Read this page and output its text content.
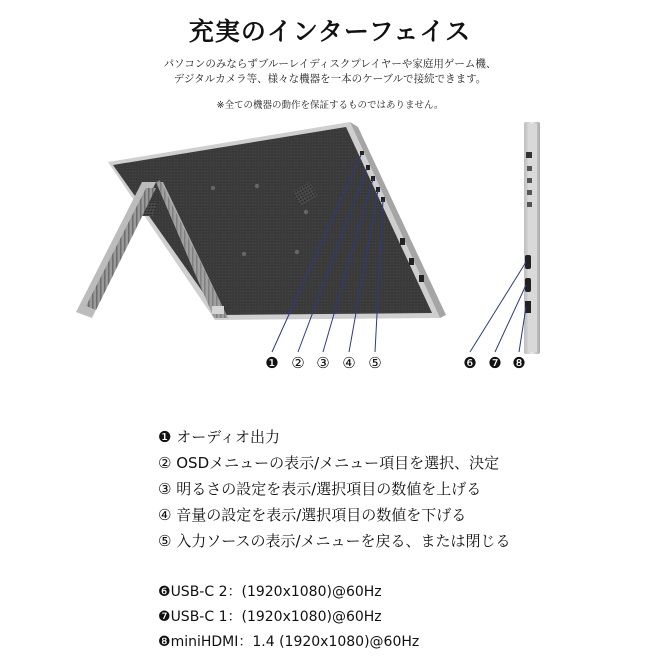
充実のインターフェイス
パソコンのみならずブルーレイディスクプレイヤーや家庭用ゲーム機、
デジタルカメラ等、様々な機器を一本のケーブルで接続できます。
※全ての機器の動作を保証するものではありません。
❶ ② ③ ④ ⑤	❻ ❼ ❽
❶ オーディオ出力
② OSDメニューの表示/メニュー項目を選択、決定
③ 明るさの設定を表示/選択項目の数値を上げる
④ 音量の設定を表示/選択項目の数値を下げる
⑤ 入力ソースの表示/メニューを戻る、または閉じる
❻USB-C 2：(1920x1080)@60Hz
❼USB-C 1：(1920x1080)@60Hz
❽miniHDMI：1.4 (1920x1080)@60Hz
